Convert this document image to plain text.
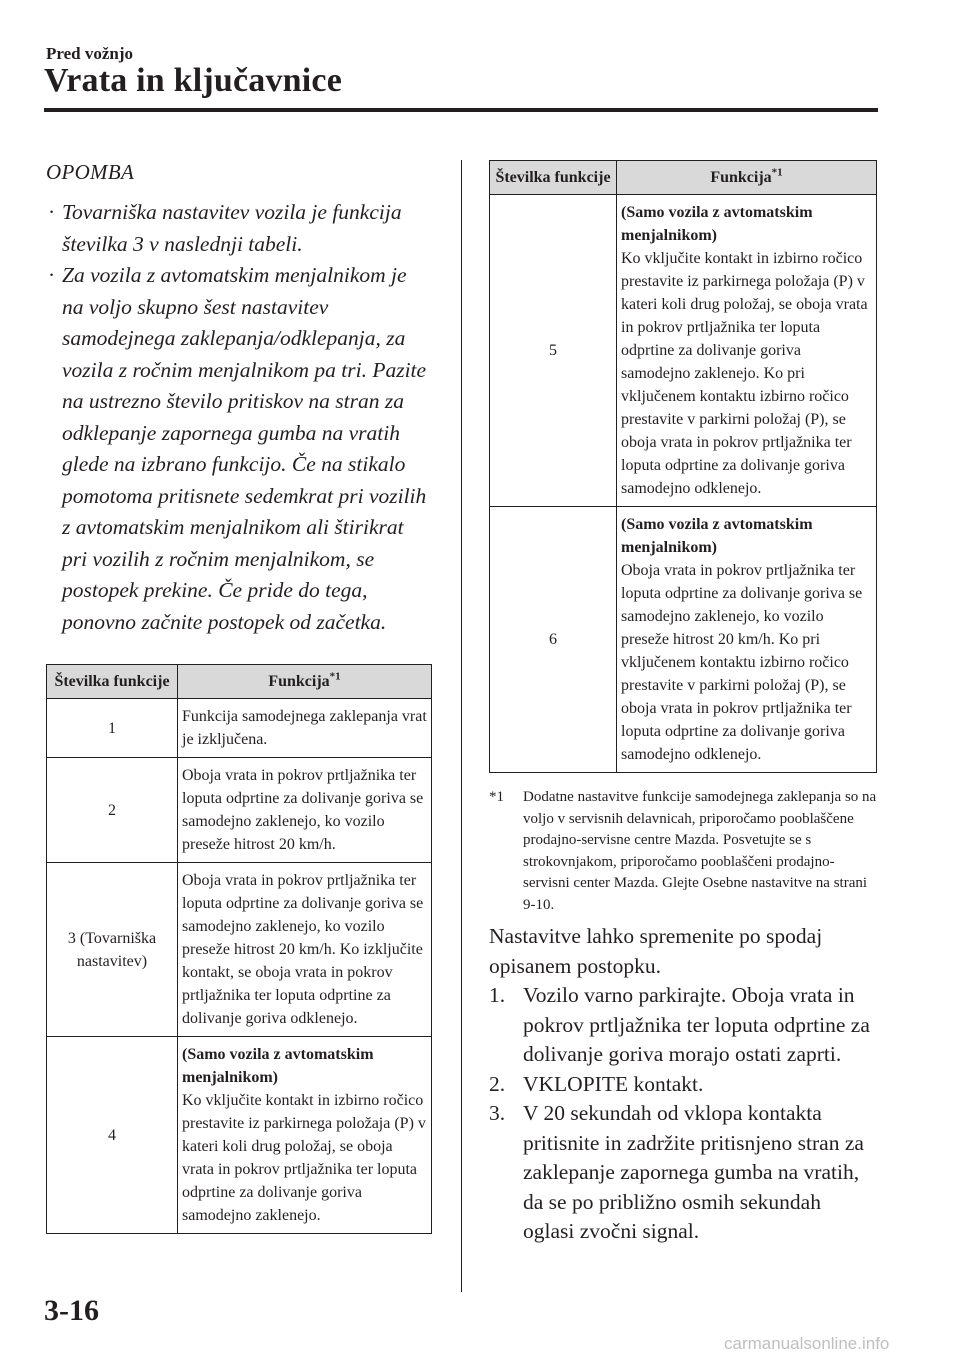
Pred vožnjo
Vrata in ključavnice
OPOMBA
· Tovarniška nastavitev vozila je funkcija številka 3 v naslednji tabeli.
· Za vozila z avtomatskim menjalnikom je na voljo skupno šest nastavitev samodejnega zaklepanja/odklepanja, za vozila z ročnim menjalnikom pa tri. Pazite na ustrezno število pritiskov na stran za odklepanje zapornega gumba na vratih glede na izbrano funkcijo. Če na stikalo pomotoma pritisnete sedemkrat pri vozilih z avtomatskim menjalnikom ali štirikrat pri vozilih z ročnim menjalnikom, se postopek prekine. Če pride do tega, ponovno začnite postopek od začetka.
Številka funkcije	Funkcija$^{*1}$
1	Funkcija samodejnega zaklepanja vrat je izključena.
2	Oboja vrata in pokrov prtljažnika ter loputa odprtine za dolivanje goriva se samodejno zaklenejo, ko vozilo preseže hitrost 20 km/h.
3 (Tovarniška nastavitev)	Oboja vrata in pokrov prtljažnika ter loputa odprtine za dolivanje goriva se samodejno zaklenejo, ko vozilo preseže hitrost 20 km/h. Ko izključite kontakt, se oboja vrata in pokrov prtljažnika ter loputa odprtine za dolivanje goriva odklenejo.
4	(Samo vozila z avtomatskim menjalnikom)
Ko vključite kontakt in izbirno ročico prestavite iz parkirnega položaja (P) v kateri koli drug položaj, se oboja vrata in pokrov prtljažnika ter loputa odprtine za dolivanje goriva samodejno zaklenejo.
Številka funkcije	Funkcija$^{*1}$
5	(Samo vozila z avtomatskim menjalnikom)
Ko vključite kontakt in izbirno ročico prestavite iz parkirnega položaja (P) v kateri koli drug položaj, se oboja vrata in pokrov prtljažnika ter loputa odprtine za dolivanje goriva samodejno zaklenejo. Ko pri vključenem kontaktu izbirno ročico prestavite v parkirni položaj (P), se oboja vrata in pokrov prtljažnika ter loputa odprtine za dolivanje goriva samodejno odklenejo.
6	(Samo vozila z avtomatskim menjalnikom)
Oboja vrata in pokrov prtljažnika ter loputa odprtine za dolivanje goriva se samodejno zaklenejo, ko vozilo preseže hitrost 20 km/h. Ko pri vključenem kontaktu izbirno ročico prestavite v parkirni položaj (P), se oboja vrata in pokrov prtljažnika ter loputa odprtine za dolivanje goriva samodejno odklenejo.
*1 Dodatne nastavitve funkcije samodejnega zaklepanja so na voljo v servisnih delavnicah, priporočamo pooblaščene prodajno-servisne centre Mazda. Posvetujte se s strokovnjakom, priporočamo pooblaščeni prodajno-servisni center Mazda. Glejte Osebne nastavitve na strani 9-10.
Nastavitve lahko spremenite po spodaj opisanem postopku.
1. Vozilo varno parkirajte. Oboja vrata in pokrov prtljažnika ter loputa odprtine za dolivanje goriva morajo ostati zaprti.
2. VKLOPITE kontakt.
3. V 20 sekundah od vklopa kontakta pritisnite in zadržite pritisnjeno stran za zaklepanje zapornega gumba na vratih, da se po približno osmih sekundah oglasi zvočni signal.
3-16
carmanualsonline.info
